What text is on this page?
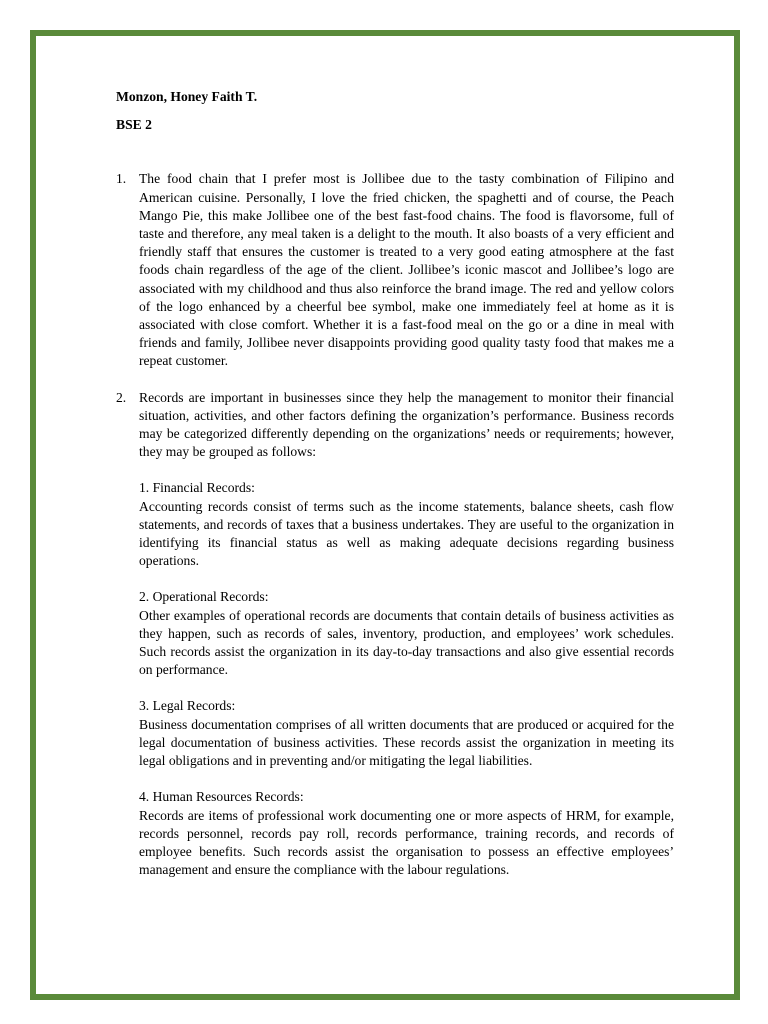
Monzon, Honey Faith T.

BSE 2

1. The food chain that I prefer most is Jollibee due to the tasty combination of Filipino and American cuisine. Personally, I love the fried chicken, the spaghetti and of course, the Peach Mango Pie, this make Jollibee one of the best fast-food chains. The food is flavorsome, full of taste and therefore, any meal taken is a delight to the mouth. It also boasts of a very efficient and friendly staff that ensures the customer is treated to a very good eating atmosphere at the fast foods chain regardless of the age of the client. Jollibee’s iconic mascot and Jollibee’s logo are associated with my childhood and thus also reinforce the brand image. The red and yellow colors of the logo enhanced by a cheerful bee symbol, make one immediately feel at home as it is associated with close comfort. Whether it is a fast-food meal on the go or a dine in meal with friends and family, Jollibee never disappoints providing good quality tasty food that makes me a repeat customer.

2. Records are important in businesses since they help the management to monitor their financial situation, activities, and other factors defining the organization’s performance. Business records may be categorized differently depending on the organizations’ needs or requirements; however, they may be grouped as follows:

1. Financial Records:

Accounting records consist of terms such as the income statements, balance sheets, cash flow statements, and records of taxes that a business undertakes. They are useful to the organization in identifying its financial status as well as making adequate decisions regarding business operations.

2. Operational Records:

Other examples of operational records are documents that contain details of business activities as they happen, such as records of sales, inventory, production, and employees’ work schedules. Such records assist the organization in its day-to-day transactions and also give essential records on performance.

3. Legal Records:

Business documentation comprises of all written documents that are produced or acquired for the legal documentation of business activities. These records assist the organization in meeting its legal obligations and in preventing and/or mitigating the legal liabilities.

4. Human Resources Records:

Records are items of professional work documenting one or more aspects of HRM, for example, records personnel, records pay roll, records performance, training records, and records of employee benefits. Such records assist the organisation to possess an effective employees’ management and ensure the compliance with the labour regulations.
